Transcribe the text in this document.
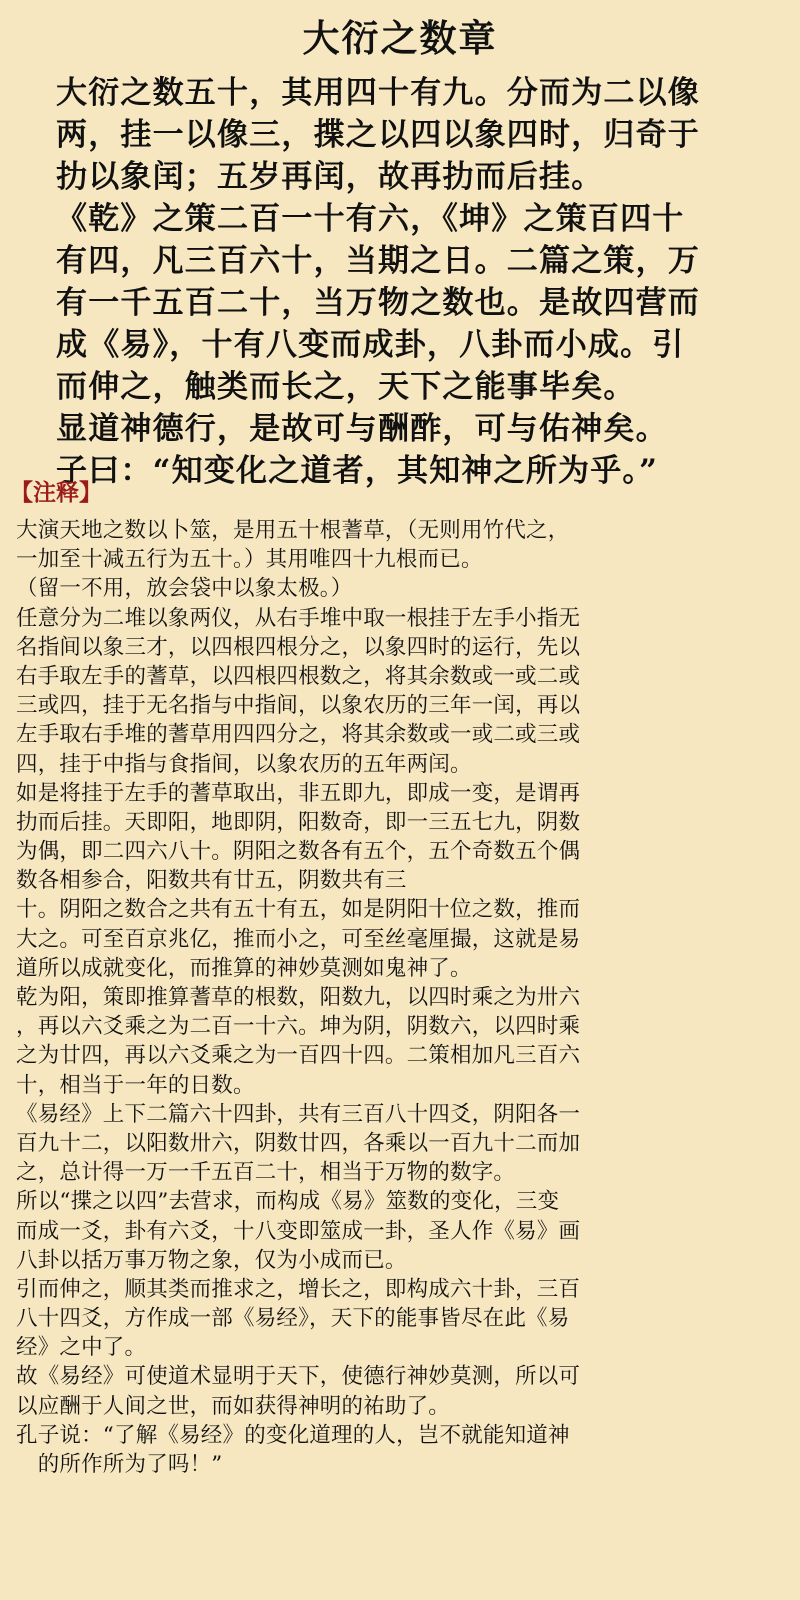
大衍之数章
大衍之数五十，其用四十有九。分而为二以像
两，挂一以像三，揲之以四以象四时，归奇于
扐以象闰；五岁再闰，故再扐而后挂。
《乾》之策二百一十有六，《坤》之策百四十
有四，凡三百六十，当期之日。二篇之策，万
有一千五百二十，当万物之数也。是故四营而
成《易》，十有八变而成卦，八卦而小成。引
而伸之，触类而长之，天下之能事毕矣。
显道神德行，是故可与酬酢，可与佑神矣。
子曰：“知变化之道者，其知神之所为乎。”
【注释】
大演天地之数以卜筮，是用五十根蓍草，（无则用竹代之，
一加至十减五行为五十。）其用唯四十九根而已。
（留一不用，放会袋中以象太极。）
任意分为二堆以象两仪，从右手堆中取一根挂于左手小指无
名指间以象三才，以四根四根分之，以象四时的运行，先以
右手取左手的蓍草，以四根四根数之，将其余数或一或二或
三或四，挂于无名指与中指间，以象农历的三年一闰，再以
左手取右手堆的蓍草用四四分之，将其余数或一或二或三或
四，挂于中指与食指间，以象农历的五年两闰。
如是将挂于左手的蓍草取出，非五即九，即成一变，是谓再
扐而后挂。天即阳，地即阴，阳数奇，即一三五七九，阴数
为偶，即二四六八十。阴阳之数各有五个，五个奇数五个偶
数各相参合，阳数共有廿五，阴数共有三
十。阴阳之数合之共有五十有五，如是阴阳十位之数，推而
大之。可至百京兆亿，推而小之，可至丝毫厘撮，这就是易
道所以成就变化，而推算的神妙莫测如鬼神了。
乾为阳，策即推算蓍草的根数，阳数九，以四时乘之为卅六
，再以六爻乘之为二百一十六。坤为阴，阴数六，以四时乘
之为廿四，再以六爻乘之为一百四十四。二策相加凡三百六
十，相当于一年的日数。
《易经》上下二篇六十四卦，共有三百八十四爻，阴阳各一
百九十二，以阳数卅六，阴数廿四，各乘以一百九十二而加
之，总计得一万一千五百二十，相当于万物的数字。
所以“揲之以四”去营求，而构成《易》筮数的变化，三变
而成一爻，卦有六爻，十八变即筮成一卦，圣人作《易》画
八卦以括万事万物之象，仅为小成而已。
引而伸之，顺其类而推求之，增长之，即构成六十卦，三百
八十四爻，方作成一部《易经》，天下的能事皆尽在此《易
经》之中了。
故《易经》可使道术显明于天下，使德行神妙莫测，所以可
以应酬于人间之世，而如获得神明的祐助了。
孔子说：“了解《易经》的变化道理的人，岂不就能知道神
　的所作所为了吗！”
